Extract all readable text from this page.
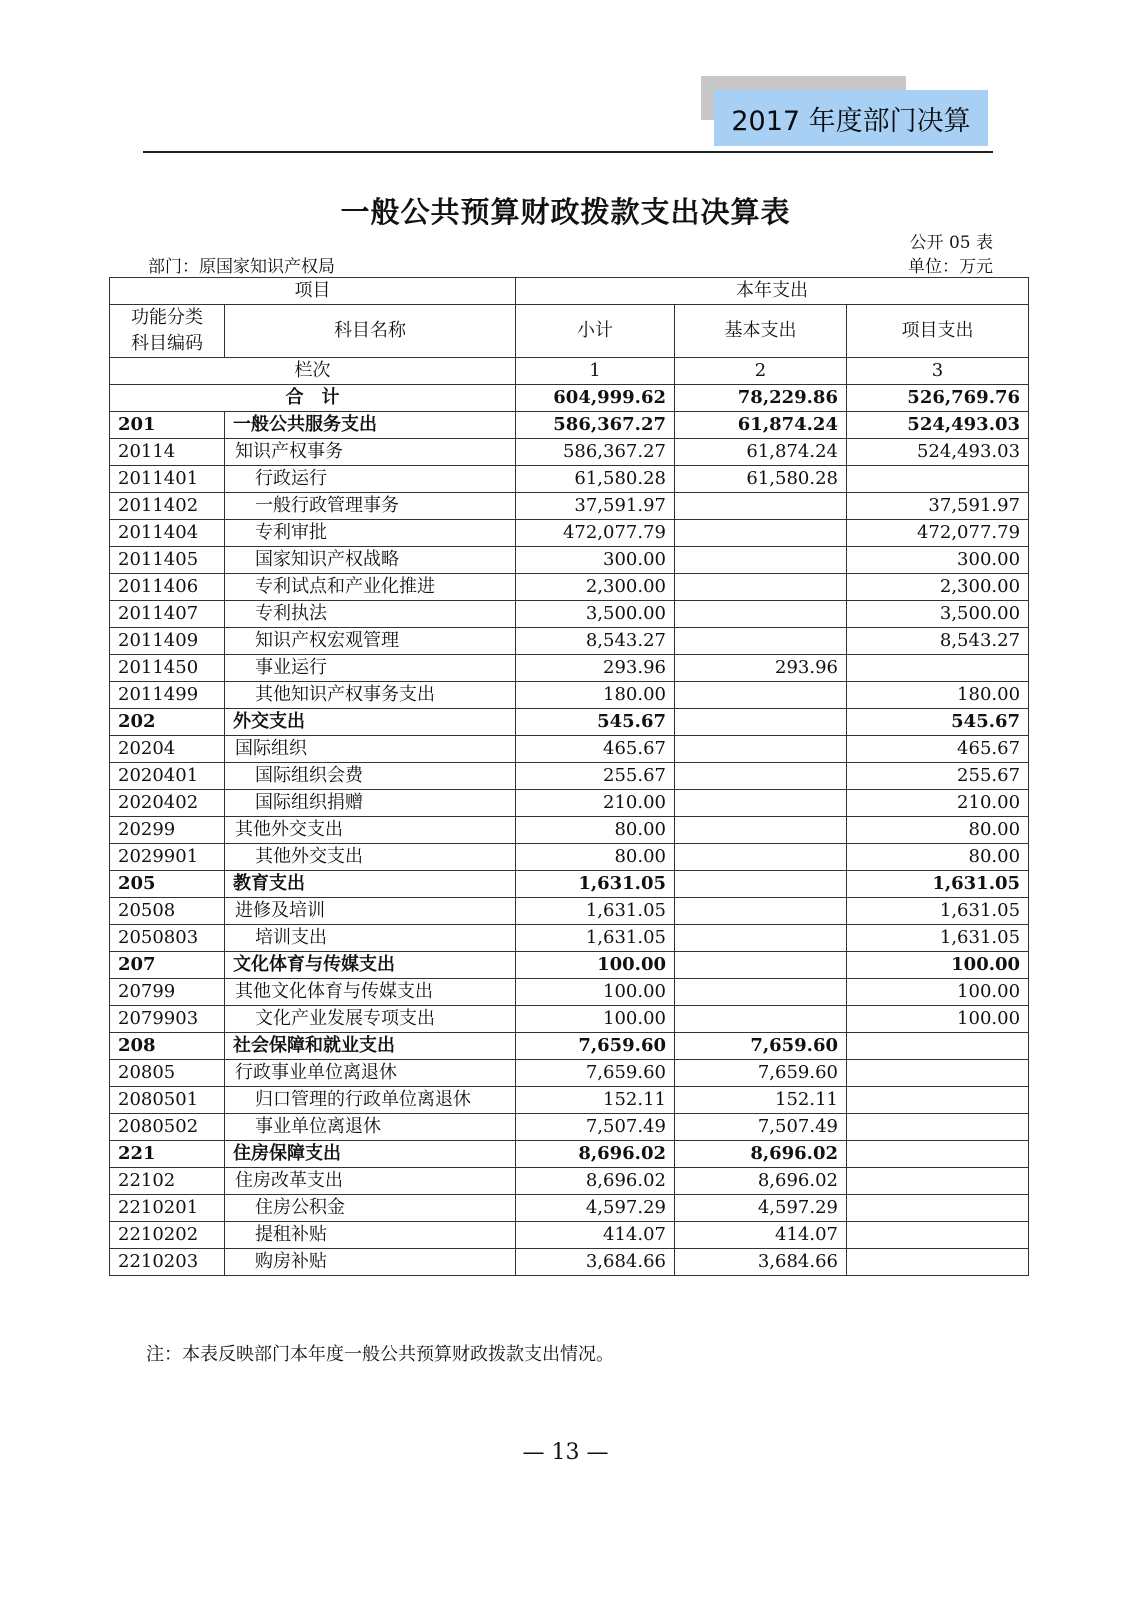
2017 年度部门决算
一般公共预算财政拨款支出决算表
公开 05 表
部门：原国家知识产权局	单位：万元
项目		本年支出		
功能分类
科目编码	科目名称	小计	基本支出	项目支出
栏次		1	2	3
合　计		604,999.62	78,229.86	526,769.76
201	一般公共服务支出	586,367.27	61,874.24	524,493.03
20114	知识产权事务	586,367.27	61,874.24	524,493.03
2011401	行政运行	61,580.28	61,580.28	
2011402	一般行政管理事务	37,591.97		37,591.97
2011404	专利审批	472,077.79		472,077.79
2011405	国家知识产权战略	300.00		300.00
2011406	专利试点和产业化推进	2,300.00		2,300.00
2011407	专利执法	3,500.00		3,500.00
2011409	知识产权宏观管理	8,543.27		8,543.27
2011450	事业运行	293.96	293.96	
2011499	其他知识产权事务支出	180.00		180.00
202	外交支出	545.67		545.67
20204	国际组织	465.67		465.67
2020401	国际组织会费	255.67		255.67
2020402	国际组织捐赠	210.00		210.00
20299	其他外交支出	80.00		80.00
2029901	其他外交支出	80.00		80.00
205	教育支出	1,631.05		1,631.05
20508	进修及培训	1,631.05		1,631.05
2050803	培训支出	1,631.05		1,631.05
207	文化体育与传媒支出	100.00		100.00
20799	其他文化体育与传媒支出	100.00		100.00
2079903	文化产业发展专项支出	100.00		100.00
208	社会保障和就业支出	7,659.60	7,659.60	
20805	行政事业单位离退休	7,659.60	7,659.60	
2080501	归口管理的行政单位离退休	152.11	152.11	
2080502	事业单位离退休	7,507.49	7,507.49	
221	住房保障支出	8,696.02	8,696.02	
22102	住房改革支出	8,696.02	8,696.02	
2210201	住房公积金	4,597.29	4,597.29	
2210202	提租补贴	414.07	414.07	
2210203	购房补贴	3,684.66	3,684.66	
注：本表反映部门本年度一般公共预算财政拨款支出情况。
— 13 —
